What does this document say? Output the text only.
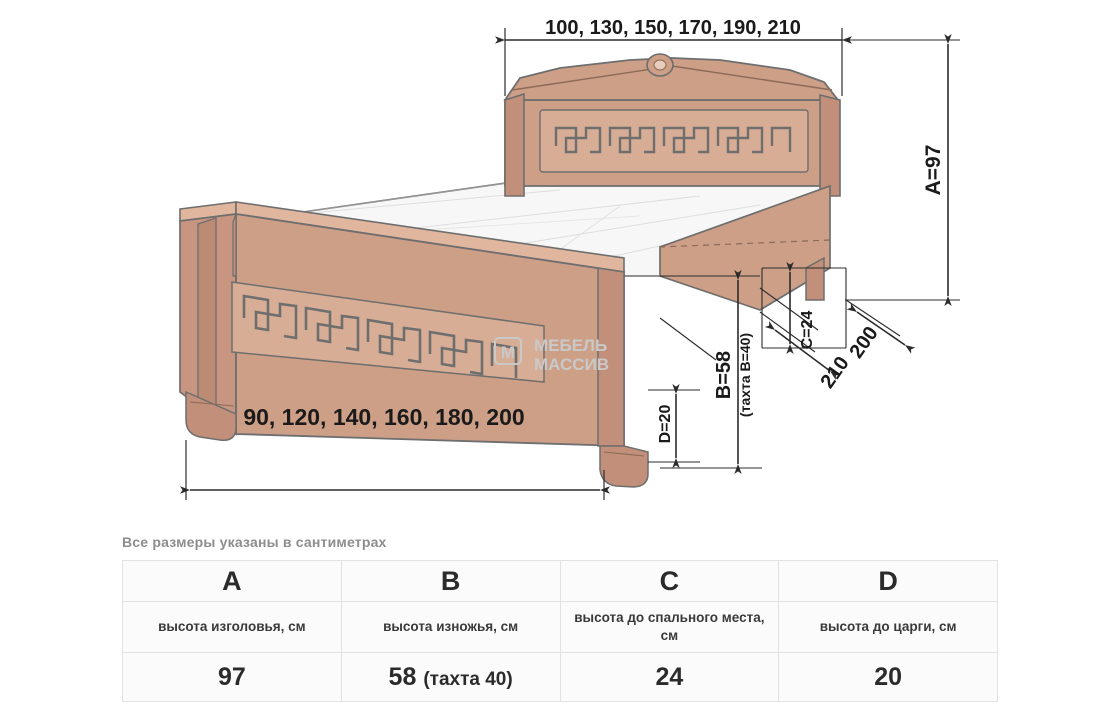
M МЕБЕЛЬ
МАССИВ
100, 130, 150, 170, 190, 210
90, 120, 140, 160, 180, 200
A=97
B=58 (тахта B=40)
C=24
D=20
200
210
Все размеры указаны в сантиметрах
A	B	C	D
высота изголовья, см	высота изножья, см	высота до спального места, см	высота до царги, см
97	58 (тахта 40)	24	20
